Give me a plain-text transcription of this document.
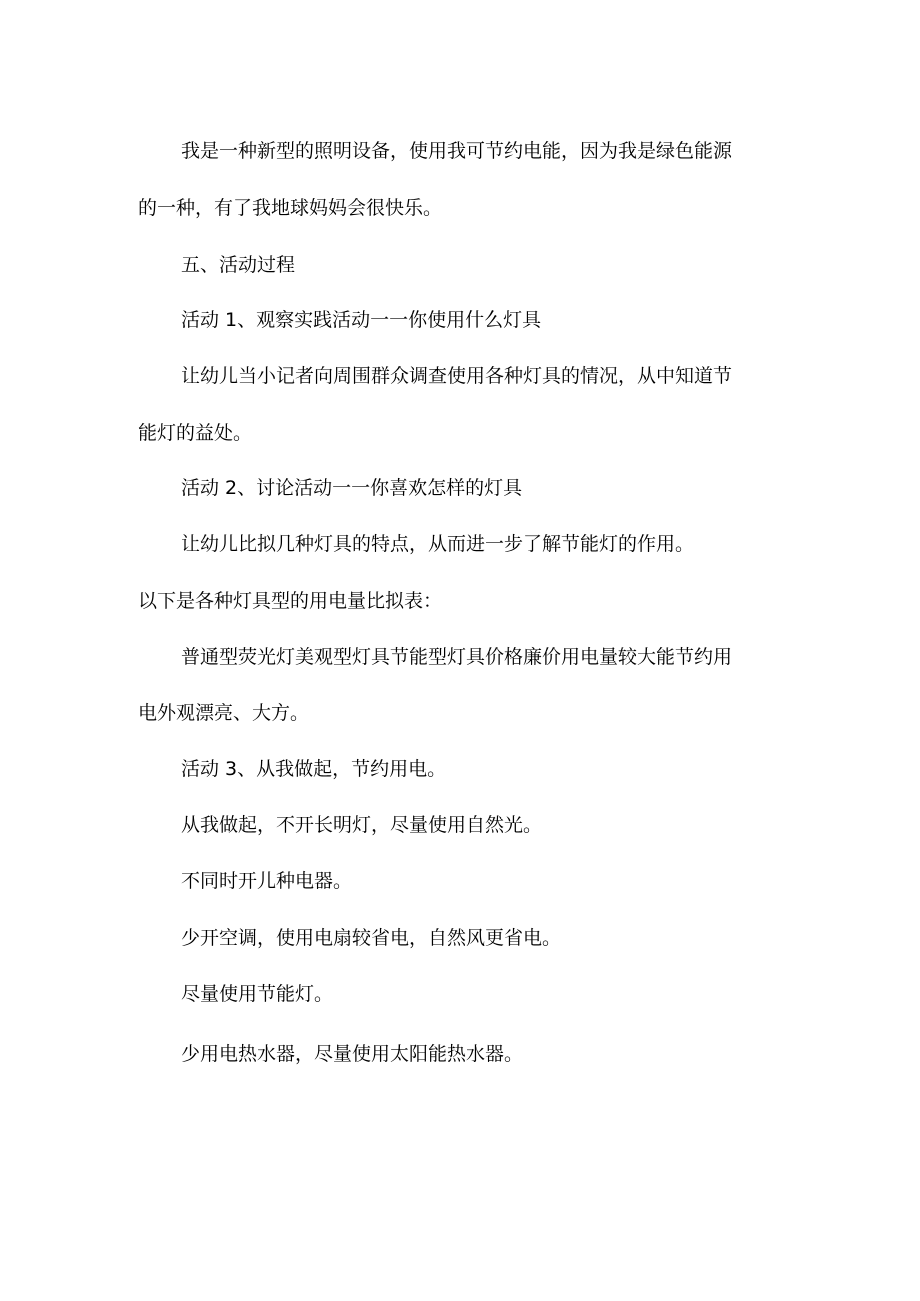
我是一种新型的照明设备，使用我可节约电能，因为我是绿色能源

的一种，有了我地球妈妈会很快乐。

五、活动过程

活动 1、观察实践活动一一你使用什么灯具

让幼儿当小记者向周围群众调查使用各种灯具的情况，从中知道节

能灯的益处。

活动 2、讨论活动一一你喜欢怎样的灯具

让幼儿比拟几种灯具的特点，从而进一步了解节能灯的作用。

以下是各种灯具型的用电量比拟表：

普通型荧光灯美观型灯具节能型灯具价格廉价用电量较大能节约用

电外观漂亮、大方。

活动 3、从我做起，节约用电。

从我做起，不开长明灯，尽量使用自然光。

不同时开儿种电器。

少开空调，使用电扇较省电，自然风更省电。

尽量使用节能灯。

少用电热水器，尽量使用太阳能热水器。
